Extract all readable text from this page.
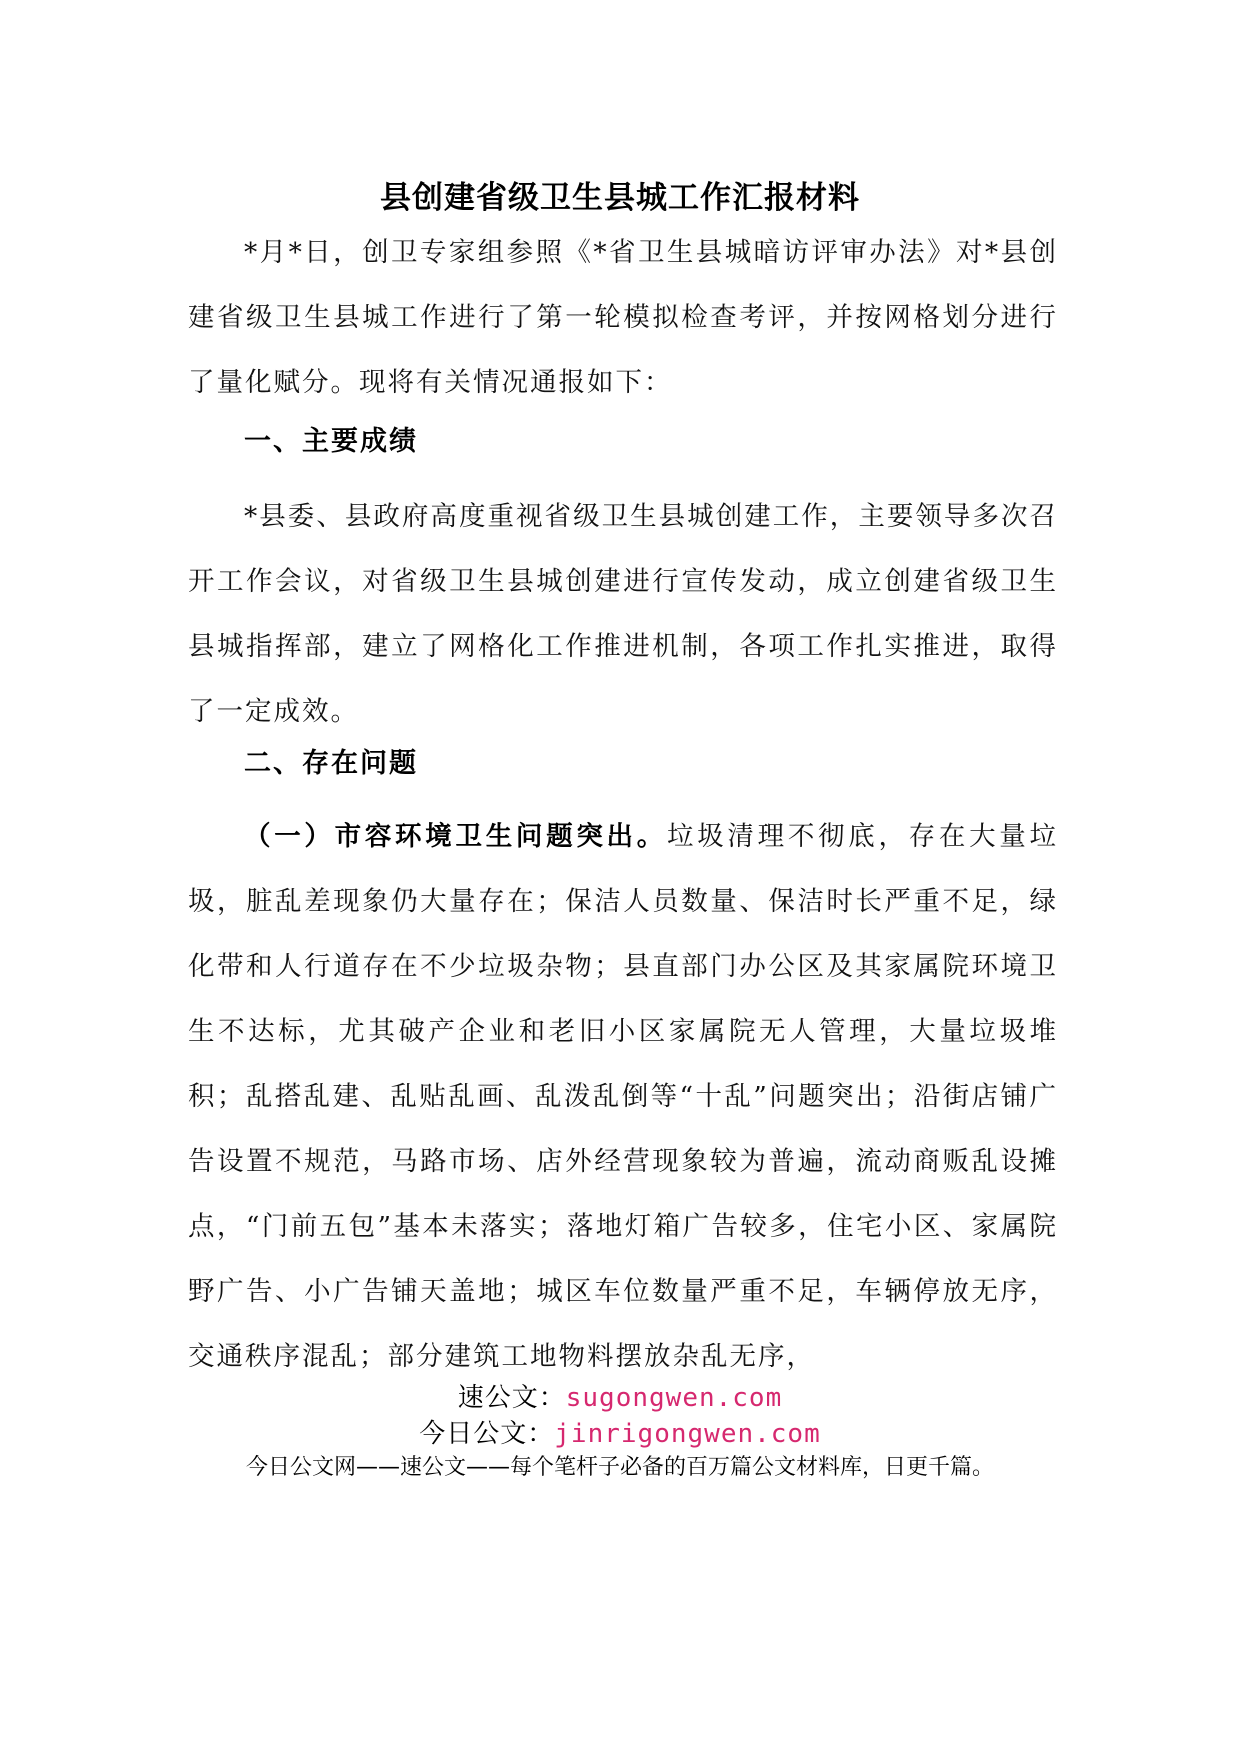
县创建省级卫生县城工作汇报材料
*月*日，创卫专家组参照《*省卫生县城暗访评审办法》对*县创建省级卫生县城工作进行了第一轮模拟检查考评，并按网格划分进行了量化赋分。现将有关情况通报如下：
一、主要成绩
*县委、县政府高度重视省级卫生县城创建工作，主要领导多次召开工作会议，对省级卫生县城创建进行宣传发动，成立创建省级卫生县城指挥部，建立了网格化工作推进机制，各项工作扎实推进，取得了一定成效。
二、存在问题
（一）市容环境卫生问题突出。垃圾清理不彻底，存在大量垃圾，脏乱差现象仍大量存在；保洁人员数量、保洁时长严重不足，绿化带和人行道存在不少垃圾杂物；县直部门办公区及其家属院环境卫生不达标，尤其破产企业和老旧小区家属院无人管理，大量垃圾堆积；乱搭乱建、乱贴乱画、乱泼乱倒等“十乱”问题突出；沿街店铺广告设置不规范，马路市场、店外经营现象较为普遍，流动商贩乱设摊点，“门前五包”基本未落实；落地灯箱广告较多，住宅小区、家属院野广告、小广告铺天盖地；城区车位数量严重不足，车辆停放无序，交通秩序混乱；部分建筑工地物料摆放杂乱无序，
速公文：sugongwen.com
今日公文：jinrigongwen.com
今日公文网——速公文——每个笔杆子必备的百万篇公文材料库，日更千篇。
